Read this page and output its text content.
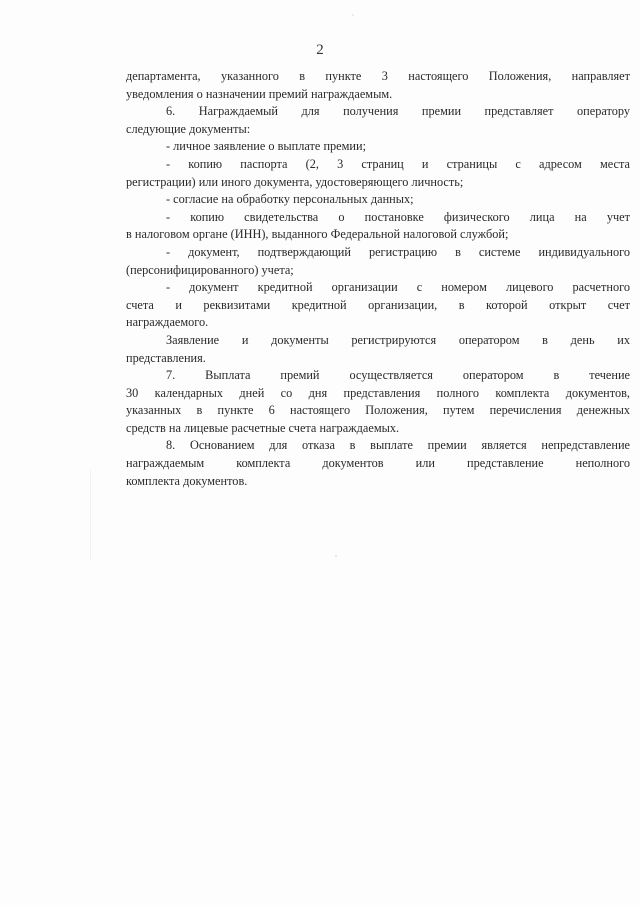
2

департамента, указанного в пункте 3 настоящего Положения, направляет
уведомления о назначении премий награждаемым.

6. Награждаемый для получения премии представляет оператору
следующие документы:

- личное заявление о выплате премии;

- копию паспорта (2, 3 страниц и страницы с адресом места
регистрации) или иного документа, удостоверяющего личность;

- согласие на обработку персональных данных;

- копию свидетельства о постановке физического лица на учет
в налоговом органе (ИНН), выданного Федеральной налоговой службой;

- документ, подтверждающий регистрацию в системе индивидуального
(персонифицированного) учета;

- документ кредитной организации с номером лицевого расчетного
счета и реквизитами кредитной организации, в которой открыт счет
награждаемого.

Заявление и документы регистрируются оператором в день их
представления.

7. Выплата премий осуществляется оператором в течение
30 календарных дней со дня представления полного комплекта документов,
указанных в пункте 6 настоящего Положения, путем перечисления денежных
средств на лицевые расчетные счета награждаемых.

8. Основанием для отказа в выплате премии является непредставление
награждаемым комплекта документов или представление неполного
комплекта документов.
